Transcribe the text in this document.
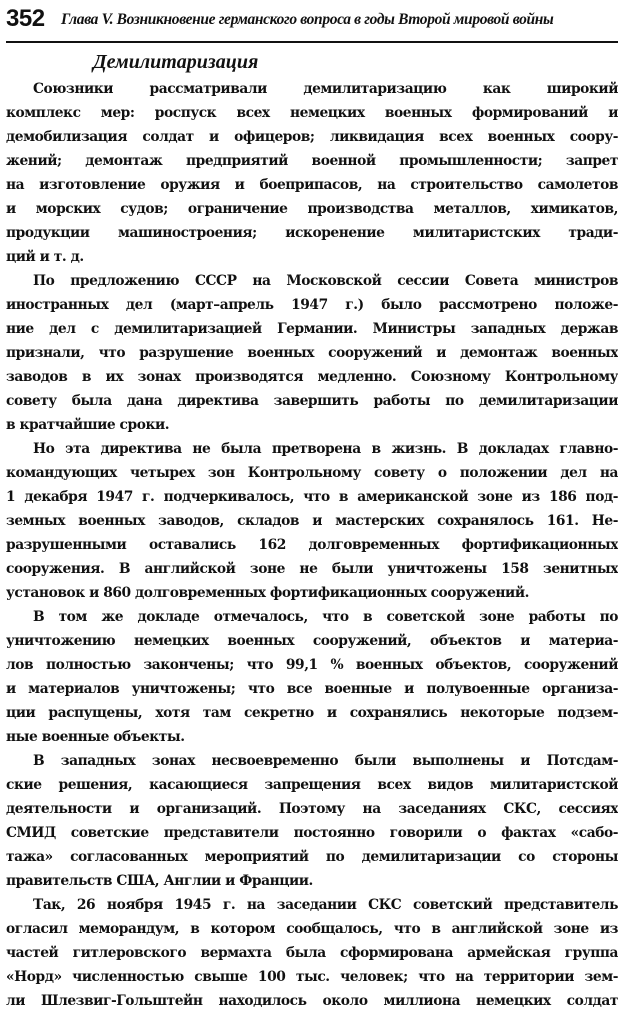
352 Глава V. Возникновение германского вопроса в годы Второй мировой войны
Демилитаризация
Союзники рассматривали демилитаризацию как широкий
комплекс мер: роспуск всех немецких военных формирований и
демобилизация солдат и офицеров; ликвидация всех военных соору-
жений; демонтаж предприятий военной промышленности; запрет
на изготовление оружия и боеприпасов, на строительство самолетов
и морских судов; ограничение производства металлов, химикатов,
продукции машиностроения; искоренение милитаристских тради-
ций и т. д.
По предложению СССР на Московской сессии Совета министров
иностранных дел (март–апрель 1947 г.) было рассмотрено положе-
ние дел с демилитаризацией Германии. Министры западных держав
признали, что разрушение военных сооружений и демонтаж военных
заводов в их зонах производятся медленно. Союзному Контрольному
совету была дана директива завершить работы по демилитаризации
в кратчайшие сроки.
Но эта директива не была претворена в жизнь. В докладах главно-
командующих четырех зон Контрольному совету о положении дел на
1 декабря 1947 г. подчеркивалось, что в американской зоне из 186 под-
земных военных заводов, складов и мастерских сохранялось 161. Не-
разрушенными оставались 162 долговременных фортификационных
сооружения. В английской зоне не были уничтожены 158 зенитных
установок и 860 долговременных фортификационных сооружений.
В том же докладе отмечалось, что в советской зоне работы по
уничтожению немецких военных сооружений, объектов и материа-
лов полностью закончены; что 99,1 % военных объектов, сооружений
и материалов уничтожены; что все военные и полувоенные организа-
ции распущены, хотя там секретно и сохранялись некоторые подзем-
ные военные объекты.
В западных зонах несвоевременно были выполнены и Потсдам-
ские решения, касающиеся запрещения всех видов милитаристской
деятельности и организаций. Поэтому на заседаниях СКС, сессиях
СМИД советские представители постоянно говорили о фактах «сабо-
тажа» согласованных мероприятий по демилитаризации со стороны
правительств США, Англии и Франции.
Так, 26 ноября 1945 г. на заседании СКС советский представитель
огласил меморандум, в котором сообщалось, что в английской зоне из
частей гитлеровского вермахта была сформирована армейская группа
«Норд» численностью свыше 100 тыс. человек; что на территории зем-
ли Шлезвиг-Гольштейн находилось около миллиона немецких солдат
